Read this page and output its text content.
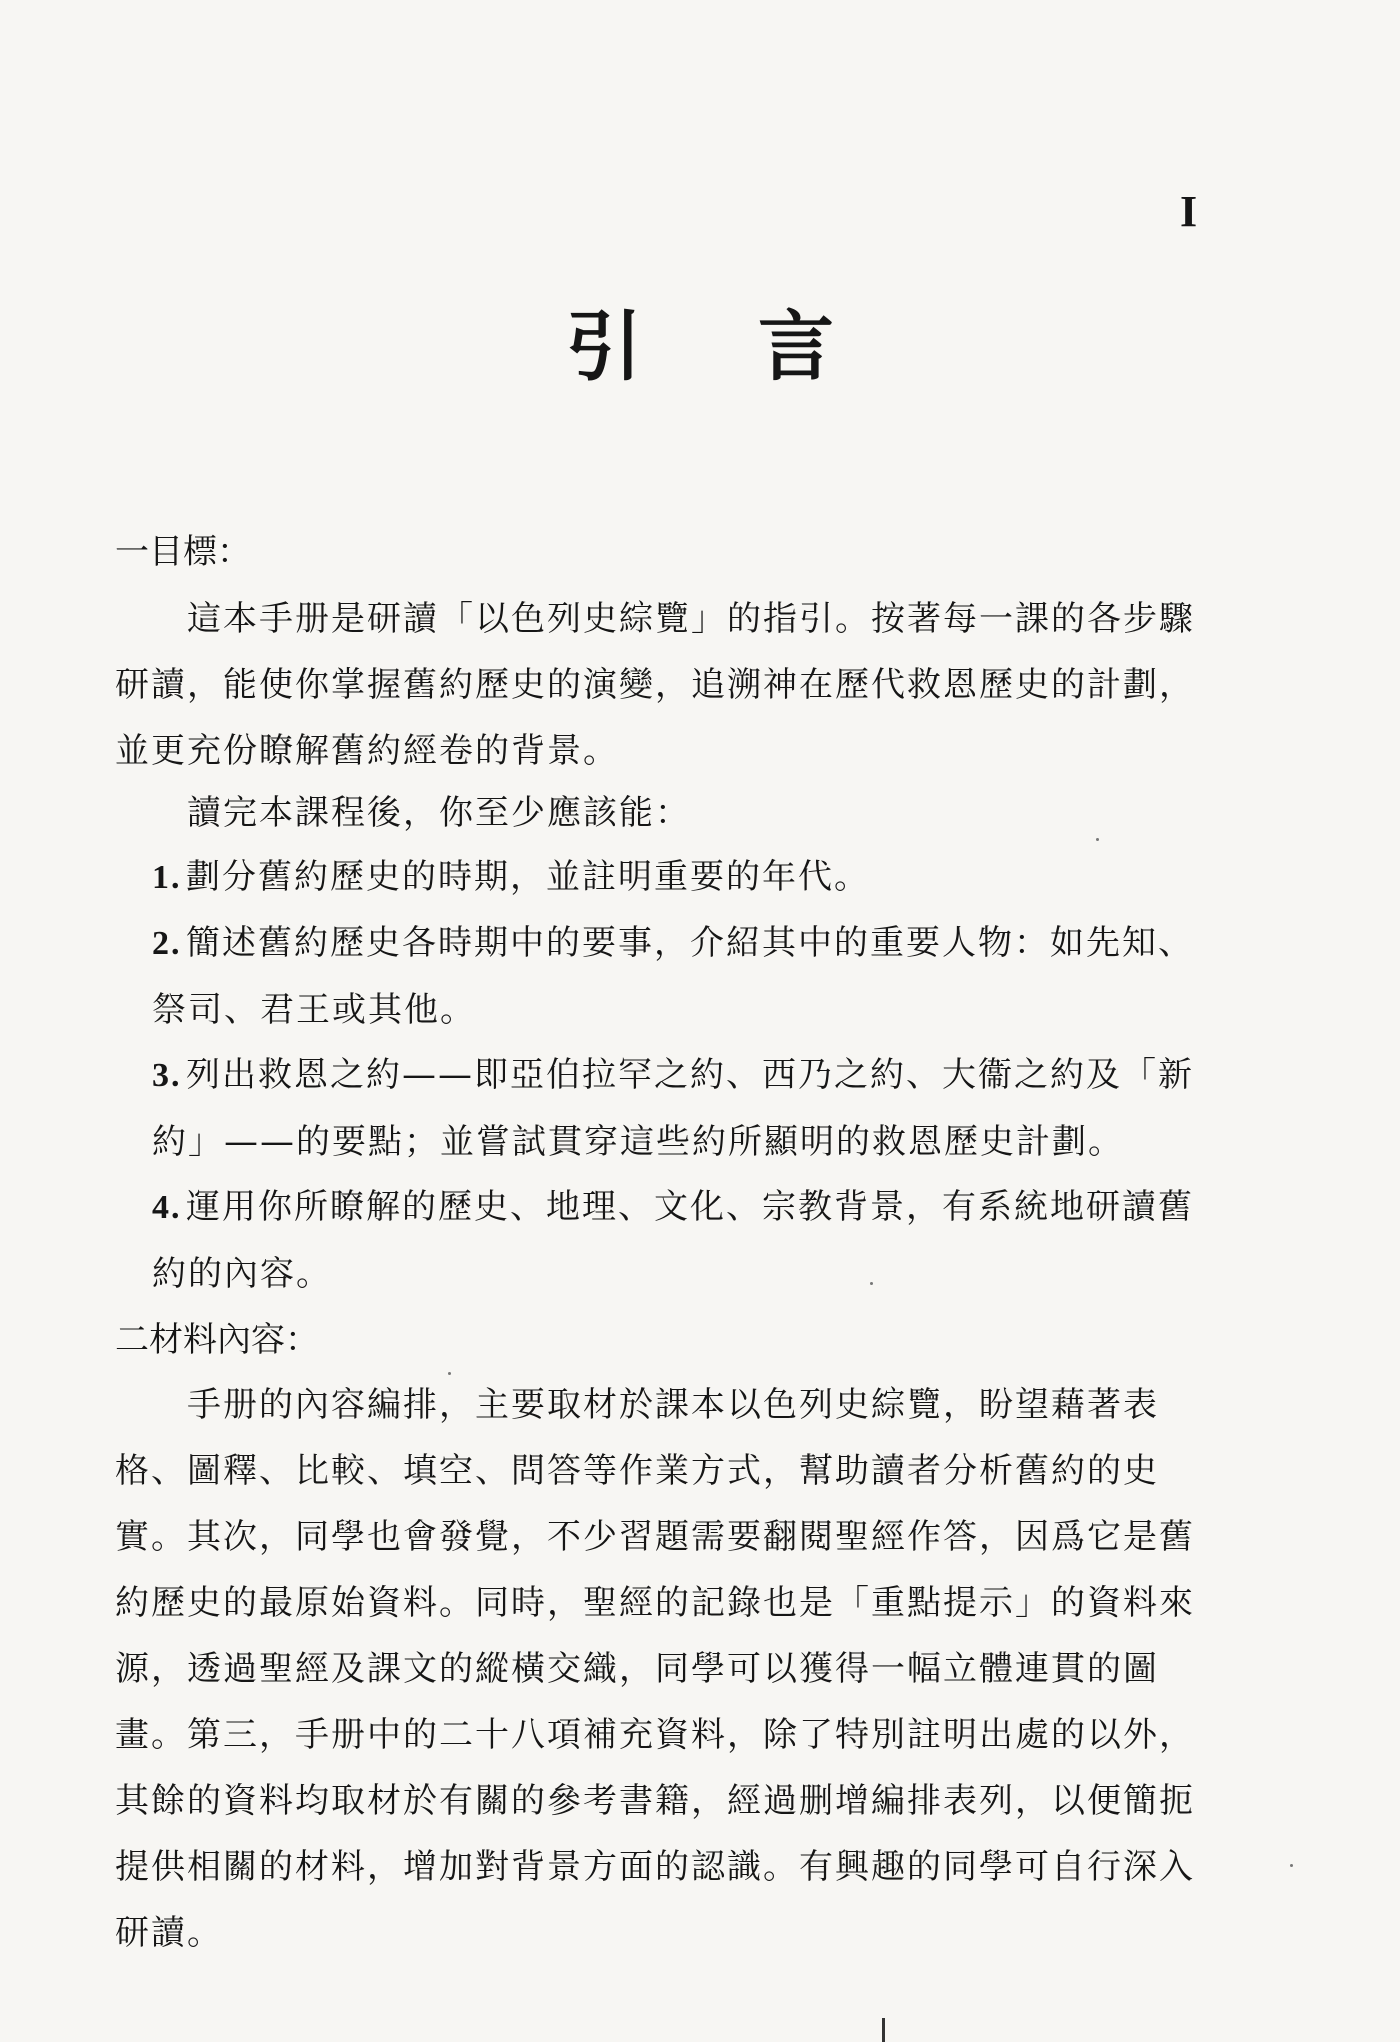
I
引 言
一目標：
這本手册是研讀「以色列史綜覽」的指引。按著每一課的各步驟研讀，能使你掌握舊約歷史的演變，追溯神在歷代救恩歷史的計劃，並更充份瞭解舊約經卷的背景。
讀完本課程後，你至少應該能：
1. 劃分舊約歷史的時期，並註明重要的年代。
2. 簡述舊約歷史各時期中的要事，介紹其中的重要人物：如先知、祭司、君王或其他。
3. 列出救恩之約——即亞伯拉罕之約、西乃之約、大衞之約及「新約」——的要點；並嘗試貫穿這些約所顯明的救恩歷史計劃。
4. 運用你所瞭解的歷史、地理、文化、宗教背景，有系統地研讀舊約的內容。
二材料內容：
手册的內容編排，主要取材於課本以色列史綜覽，盼望藉著表格、圖釋、比較、填空、問答等作業方式，幫助讀者分析舊約的史實。其次，同學也會發覺，不少習題需要翻閱聖經作答，因爲它是舊約歷史的最原始資料。同時，聖經的記錄也是「重點提示」的資料來源，透過聖經及課文的縱橫交織，同學可以獲得一幅立體連貫的圖畫。第三，手册中的二十八項補充資料，除了特別註明出處的以外，其餘的資料均取材於有關的參考書籍，經過删增編排表列，以便簡扼提供相關的材料，增加對背景方面的認識。有興趣的同學可自行深入研讀。
